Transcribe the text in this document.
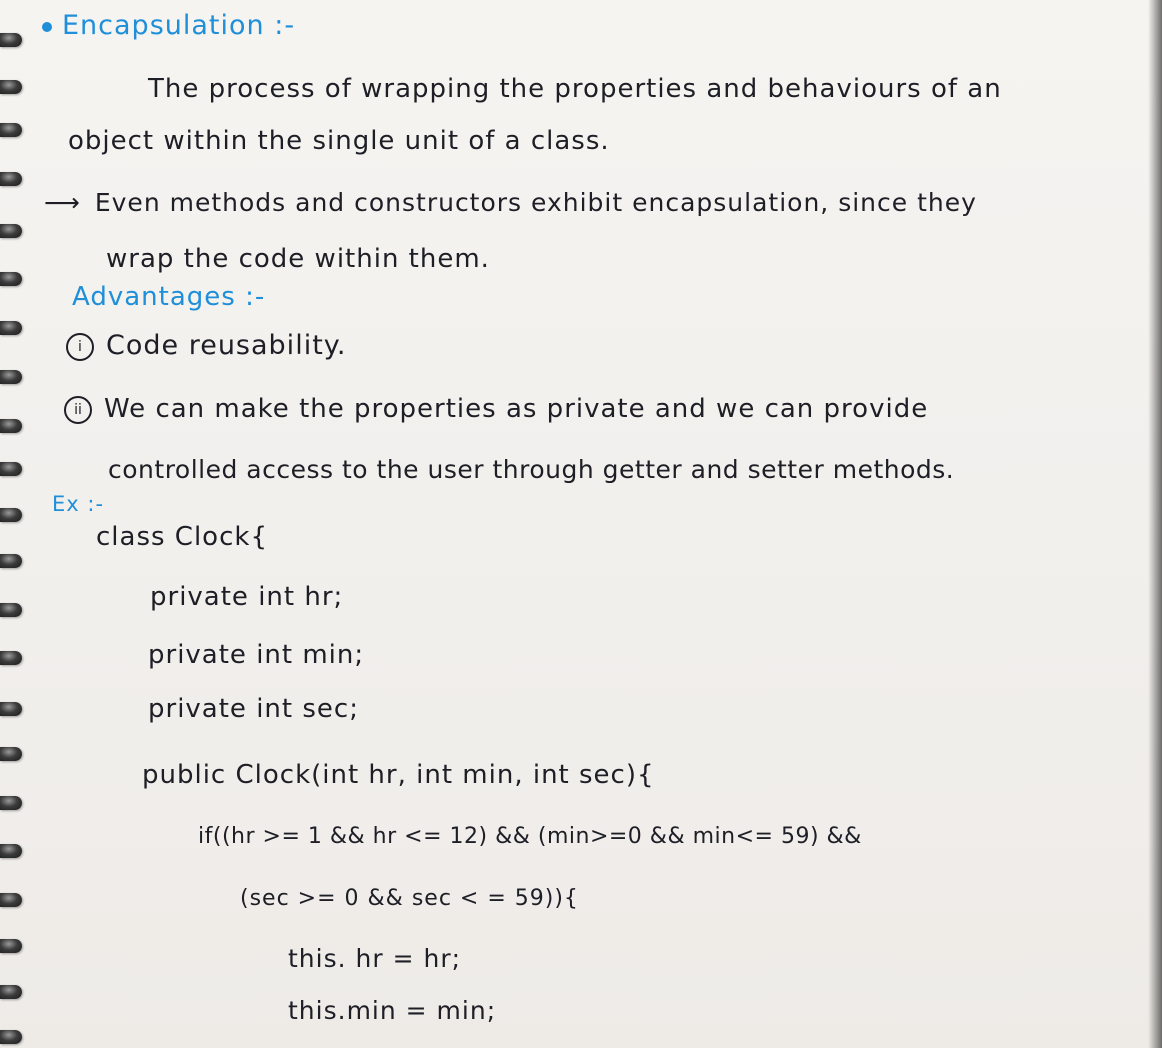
Encapsulation :-
The process of wrapping the properties and behaviours of an
object within the single unit of a class.
⟶ Even methods and constructors exhibit encapsulation, since they
wrap the code within them.
Advantages :-
i Code reusability.
ii We can make the properties as private and we can provide
controlled access to the user through getter and setter methods.
Ex :-
class Clock{
private int hr;
private int min;
private int sec;
public Clock(int hr, int min, int sec){
if((hr >= 1 && hr <= 12) && (min>=0 && min<= 59) &&
(sec >= 0 && sec < = 59)){
this. hr = hr;
this.min = min;
